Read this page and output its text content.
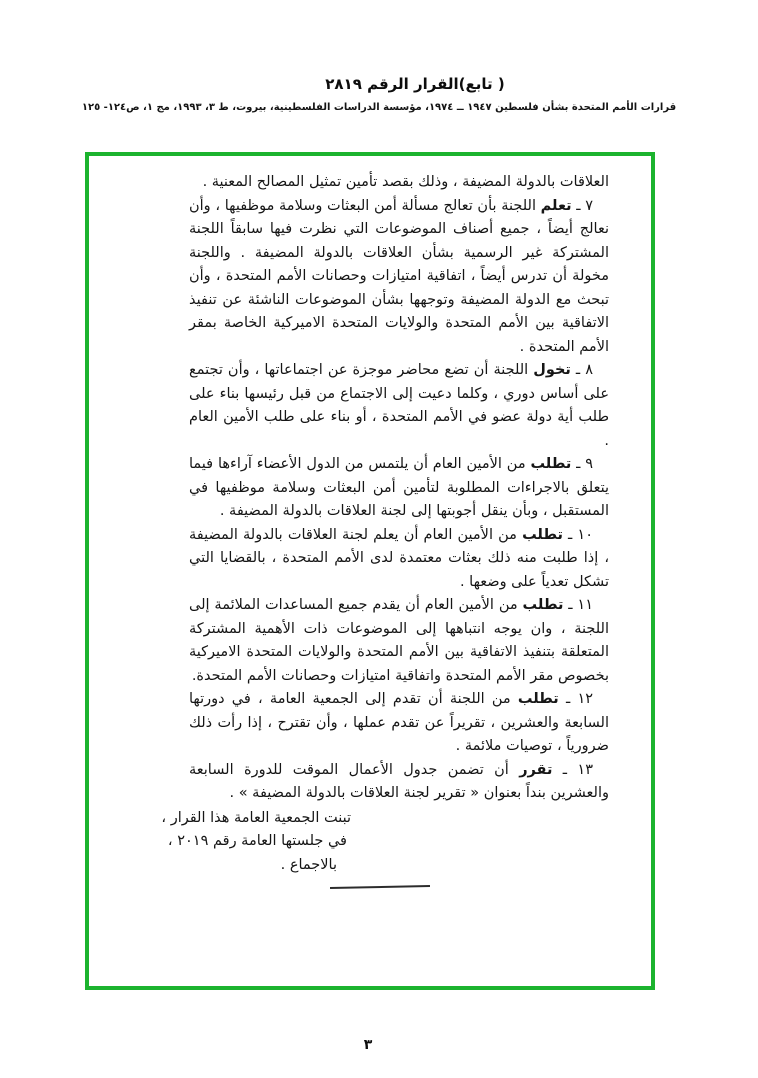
( تابع)القرار الرقم ٢٨١٩
قرارات الأمم المتحدة بشأن فلسطين ١٩٤٧ ــ ١٩٧٤، مؤسسة الدراسات الفلسطينية، بيروت، ط ٣، ١٩٩٣، مج ١، ص١٢٤- ١٢٥

العلاقات بالدولة المضيفة ، وذلك بقصد تأمين تمثيل المصالح المعنية .

٧ ـ تعلم اللجنة بأن تعالج مسألة أمن البعثات وسلامة موظفيها ، وأن نعالج أيضاً ، جميع أصناف الموضوعات التي نظرت فيها سابقاً اللجنة المشتركة غير الرسمية بشأن العلاقات بالدولة المضيفة . واللجنة مخولة أن تدرس أيضاً ، اتفاقية امتيازات وحصانات الأمم المتحدة ، وأن تبحث مع الدولة المضيفة وتوجهها بشأن الموضوعات الناشئة عن تنفيذ الاتفاقية بين الأمم المتحدة والولايات المتحدة الاميركية الخاصة بمقر الأمم المتحدة .

٨ ـ تخول اللجنة أن تضع محاضر موجزة عن اجتماعاتها ، وأن تجتمع على أساس دوري ، وكلما دعيت إلى الاجتماع من قبل رئيسها بناء على طلب أية دولة عضو في الأمم المتحدة ، أو بناء على طلب الأمين العام .

٩ ـ تطلب من الأمين العام أن يلتمس من الدول الأعضاء آراءها فيما يتعلق بالاجراءات المطلوبة لتأمين أمن البعثات وسلامة موظفيها في المستقبل ، وبأن ينقل أجوبتها إلى لجنة العلاقات بالدولة المضيفة .

١٠ ـ تطلب من الأمين العام أن يعلم لجنة العلاقات بالدولة المضيفة ، إذا طلبت منه ذلك بعثات معتمدة لدى الأمم المتحدة ، بالقضايا التي تشكل تعدياً على وضعها .

١١ ـ تطلب من الأمين العام أن يقدم جميع المساعدات الملائمة إلى اللجنة ، وان يوجه انتباهها إلى الموضوعات ذات الأهمية المشتركة المتعلقة بتنفيذ الاتفاقية بين الأمم المتحدة والولايات المتحدة الاميركية بخصوص مقر الأمم المتحدة واتفاقية امتيازات وحصانات الأمم المتحدة.

١٢ ـ تطلب من اللجنة أن تقدم إلى الجمعية العامة ، في دورتها السابعة والعشرين ، تقريراً عن تقدم عملها ، وأن تقترح ، إذا رأت ذلك ضرورياً ، توصيات ملائمة .

١٣ ـ تقرر أن تضمن جدول الأعمال الموقت للدورة السابعة والعشرين بنداً بعنوان « تقرير لجنة العلاقات بالدولة المضيفة » .

تبنت الجمعية العامة هذا القرار ،
في جلستها العامة رقم ٢٠١٩ ،
بالاجماع .
٣
